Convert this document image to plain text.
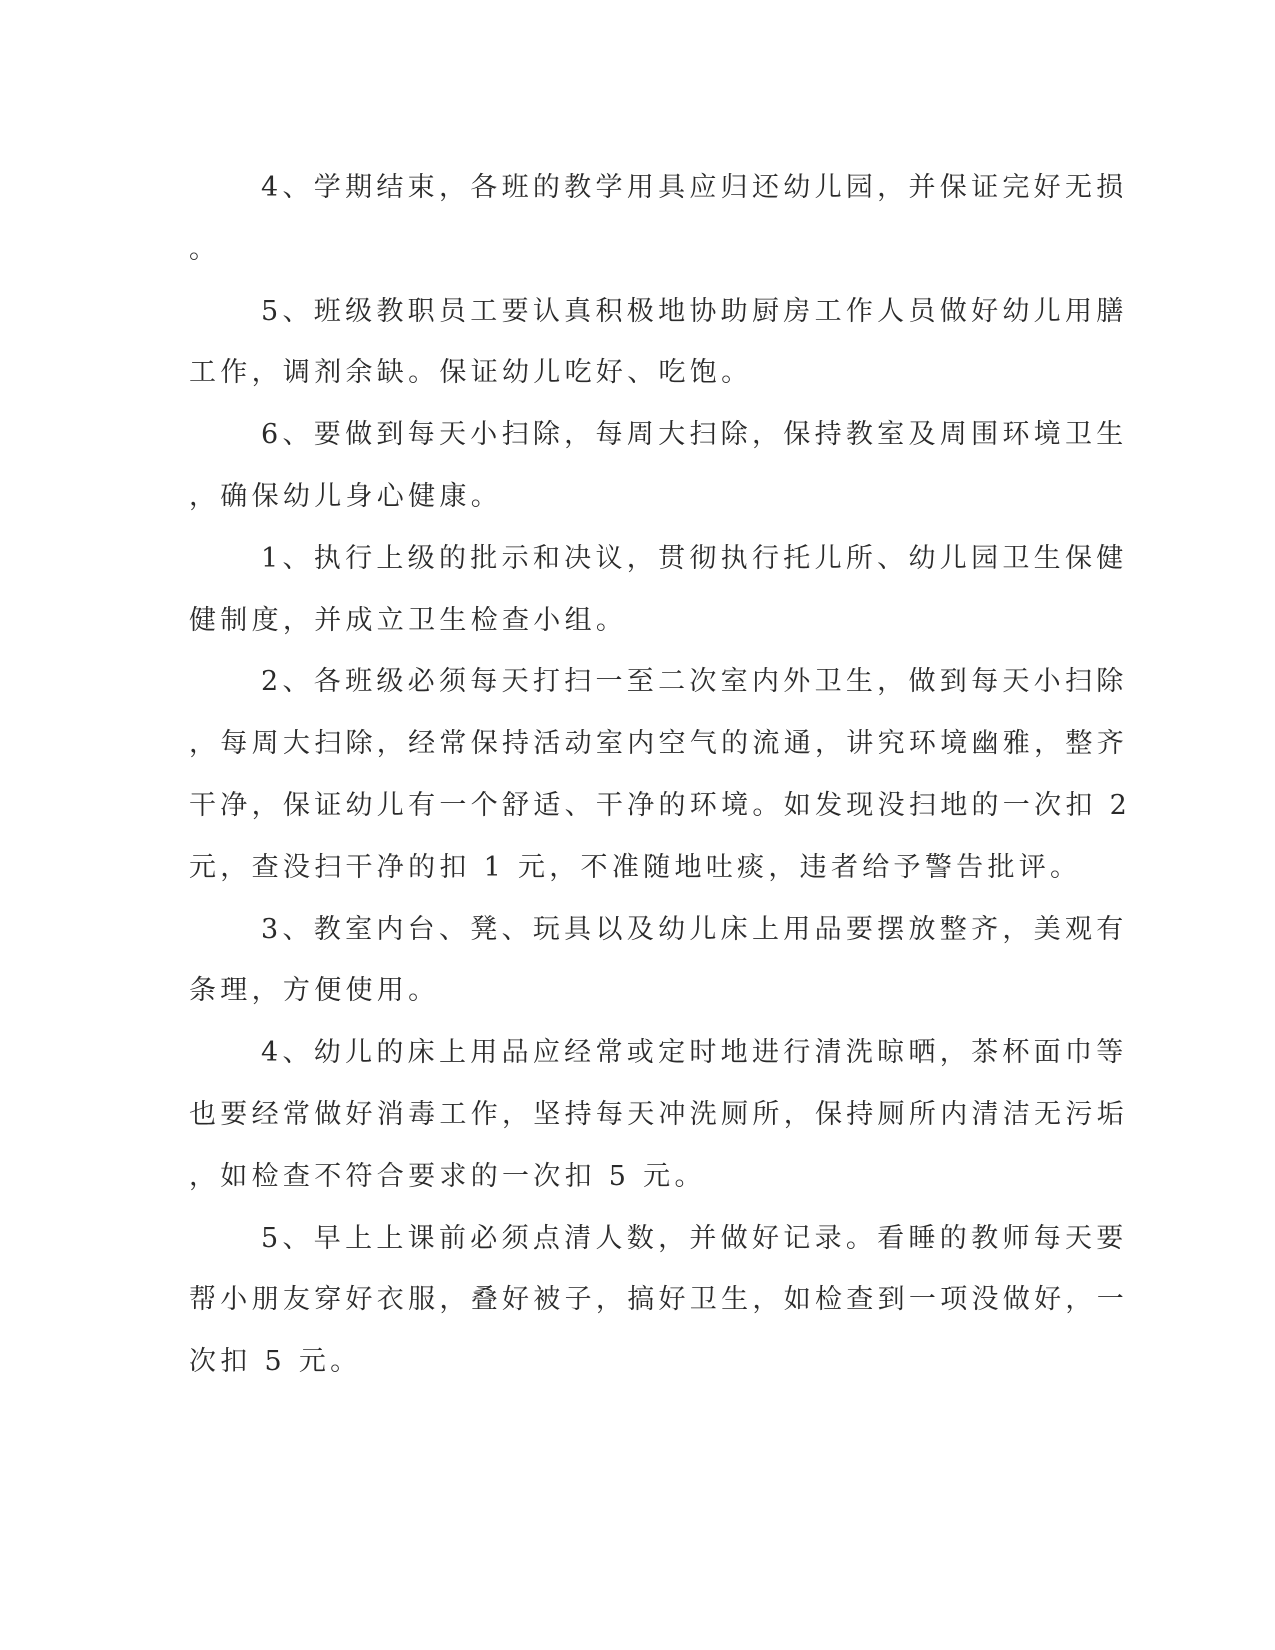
4、学期结束，各班的教学用具应归还幼儿园，并保证完好无损
。
5、班级教职员工要认真积极地协助厨房工作人员做好幼儿用膳
工作，调剂余缺。保证幼儿吃好、吃饱。
6、要做到每天小扫除，每周大扫除，保持教室及周围环境卫生
，确保幼儿身心健康。
1、执行上级的批示和决议，贯彻执行托儿所、幼儿园卫生保健
健制度，并成立卫生检查小组。
2、各班级必须每天打扫一至二次室内外卫生，做到每天小扫除
，每周大扫除，经常保持活动室内空气的流通，讲究环境幽雅，整齐
干净，保证幼儿有一个舒适、干净的环境。如发现没扫地的一次扣 2
元，查没扫干净的扣 1 元，不准随地吐痰，违者给予警告批评。
3、教室内台、凳、玩具以及幼儿床上用品要摆放整齐，美观有
条理，方便使用。
4、幼儿的床上用品应经常或定时地进行清洗晾晒，茶杯面巾等
也要经常做好消毒工作，坚持每天冲洗厕所，保持厕所内清洁无污垢
，如检查不符合要求的一次扣 5 元。
5、早上上课前必须点清人数，并做好记录。看睡的教师每天要
帮小朋友穿好衣服，叠好被子，搞好卫生，如检查到一项没做好，一
次扣 5 元。
